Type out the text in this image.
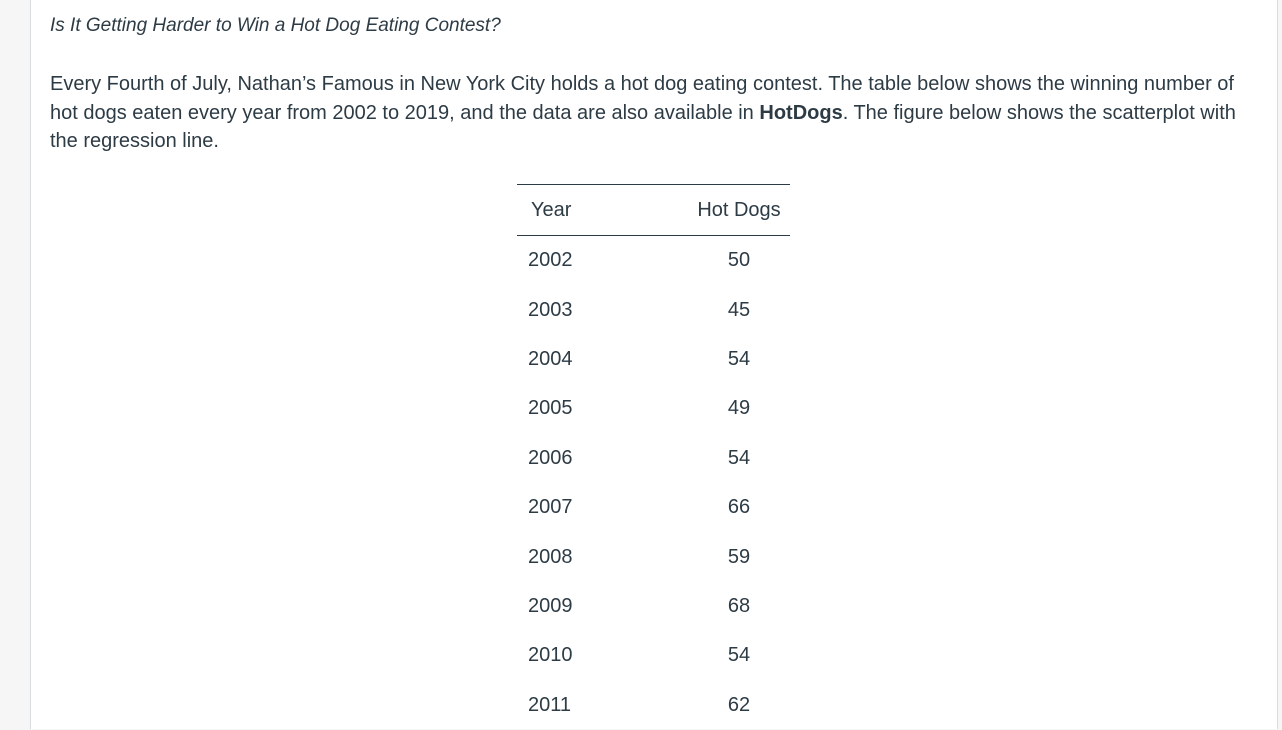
Is It Getting Harder to Win a Hot Dog Eating Contest?

Every Fourth of July, Nathan’s Famous in New York City holds a hot dog eating contest. The table below shows the winning number of hot dogs eaten every year from 2002 to 2019, and the data are also available in HotDogs. The figure below shows the scatterplot with the regression line.

Year	Hot Dogs
2002	50
2003	45
2004	54
2005	49
2006	54
2007	66
2008	59
2009	68
2010	54
2011	62
